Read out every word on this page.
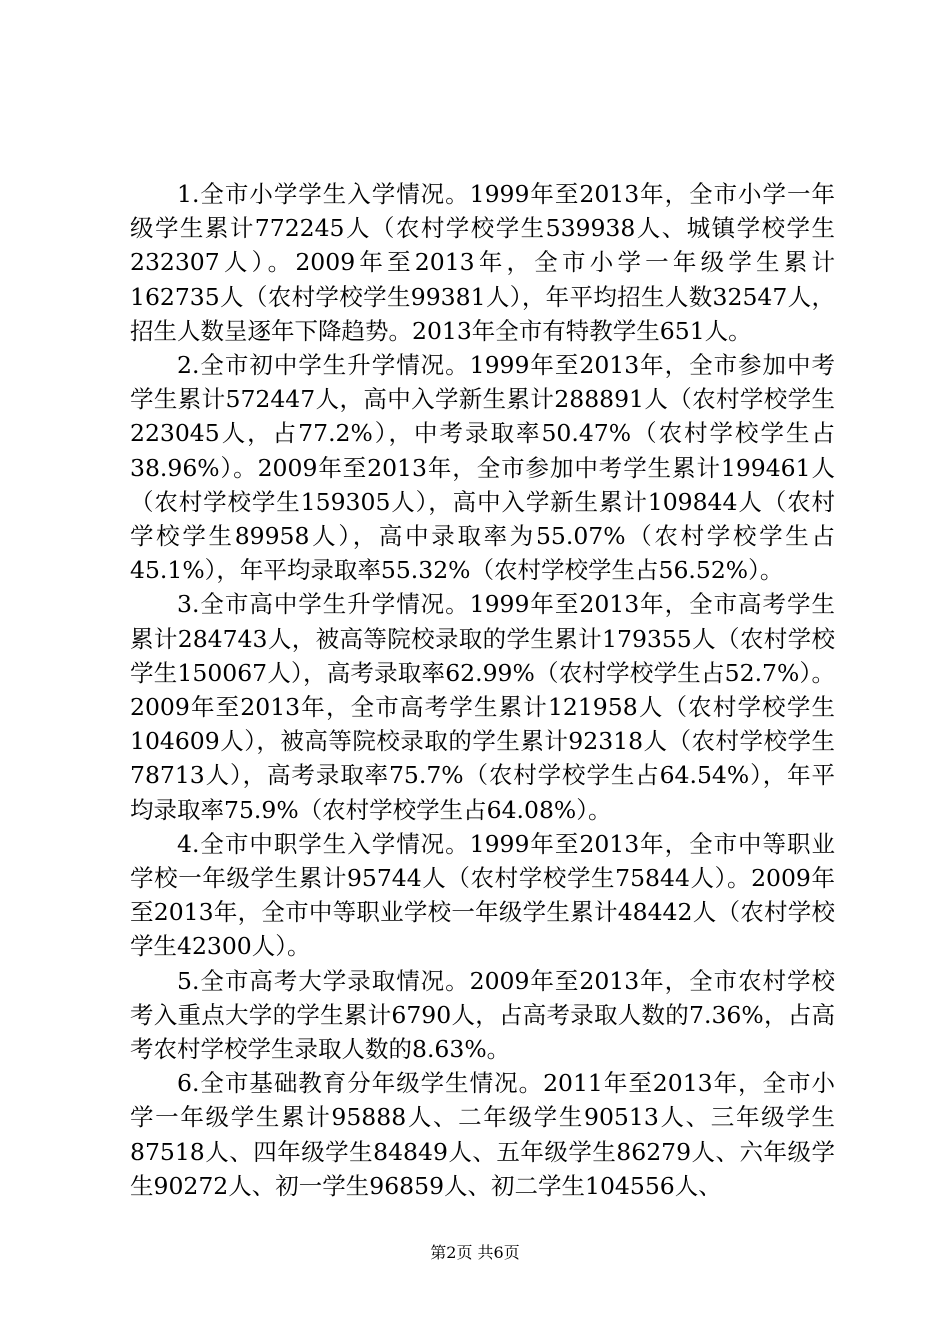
1.全市小学学生入学情况。1999年至2013年，全市小学一年级学生累计772245人（农村学校学生539938人、城镇学校学生232307人）。2009年至2013年，全市小学一年级学生累计162735人（农村学校学生99381人），年平均招生人数32547人，招生人数呈逐年下降趋势。2013年全市有特教学生651人。

2.全市初中学生升学情况。1999年至2013年，全市参加中考学生累计572447人，高中入学新生累计288891人（农村学校学生223045人，占77.2%），中考录取率50.47%（农村学校学生占38.96%）。2009年至2013年，全市参加中考学生累计199461人（农村学校学生159305人），高中入学新生累计109844人（农村学校学生89958人），高中录取率为55.07%（农村学校学生占45.1%），年平均录取率55.32%（农村学校学生占56.52%）。

3.全市高中学生升学情况。1999年至2013年，全市高考学生累计284743人，被高等院校录取的学生累计179355人（农村学校学生150067人），高考录取率62.99%（农村学校学生占52.7%）。2009年至2013年，全市高考学生累计121958人（农村学校学生104609人），被高等院校录取的学生累计92318人（农村学校学生78713人），高考录取率75.7%（农村学校学生占64.54%），年平均录取率75.9%（农村学校学生占64.08%）。

4.全市中职学生入学情况。1999年至2013年，全市中等职业学校一年级学生累计95744人（农村学校学生75844人）。2009年至2013年，全市中等职业学校一年级学生累计48442人（农村学校学生42300人）。

5.全市高考大学录取情况。2009年至2013年，全市农村学校考入重点大学的学生累计6790人，占高考录取人数的7.36%，占高考农村学校学生录取人数的8.63%。

6.全市基础教育分年级学生情况。2011年至2013年，全市小学一年级学生累计95888人、二年级学生90513人、三年级学生87518人、四年级学生84849人、五年级学生86279人、六年级学生90272人、初一学生96859人、初二学生104556人、

第2页 共6页
